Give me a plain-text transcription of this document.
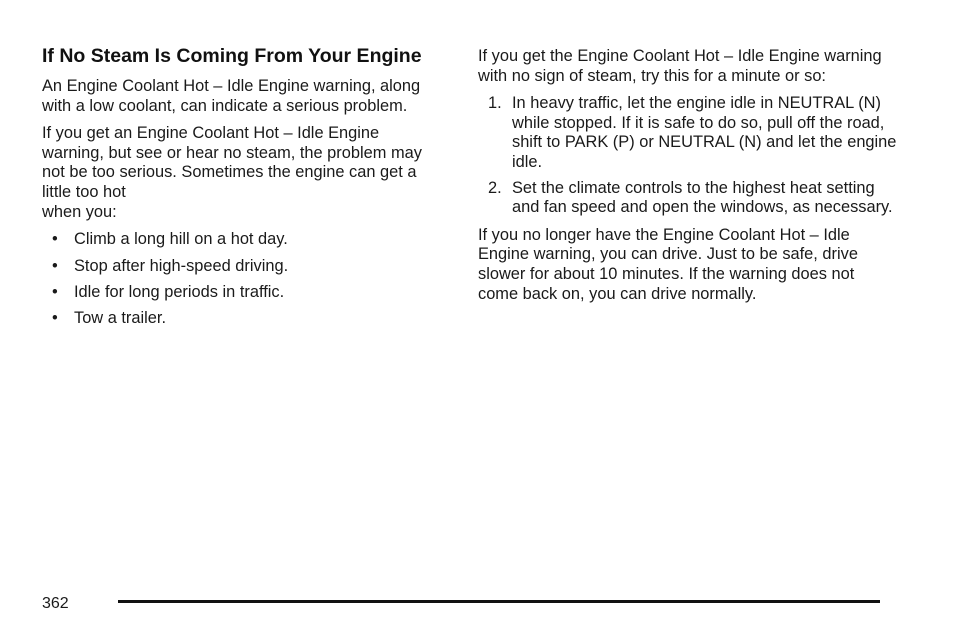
If No Steam Is Coming From Your Engine

An Engine Coolant Hot – Idle Engine warning, along with a low coolant, can indicate a serious problem.

If you get an Engine Coolant Hot – Idle Engine warning, but see or hear no steam, the problem may not be too serious. Sometimes the engine can get a little too hot
when you:

• Climb a long hill on a hot day.
• Stop after high-speed driving.
• Idle for long periods in traffic.
• Tow a trailer.

If you get the Engine Coolant Hot – Idle Engine warning with no sign of steam, try this for a minute or so:

1. In heavy traffic, let the engine idle in NEUTRAL (N) while stopped. If it is safe to do so, pull off the road, shift to PARK (P) or NEUTRAL (N) and let the engine idle.
2. Set the climate controls to the highest heat setting and fan speed and open the windows, as necessary.

If you no longer have the Engine Coolant Hot – Idle Engine warning, you can drive. Just to be safe, drive slower for about 10 minutes. If the warning does not come back on, you can drive normally.

362
